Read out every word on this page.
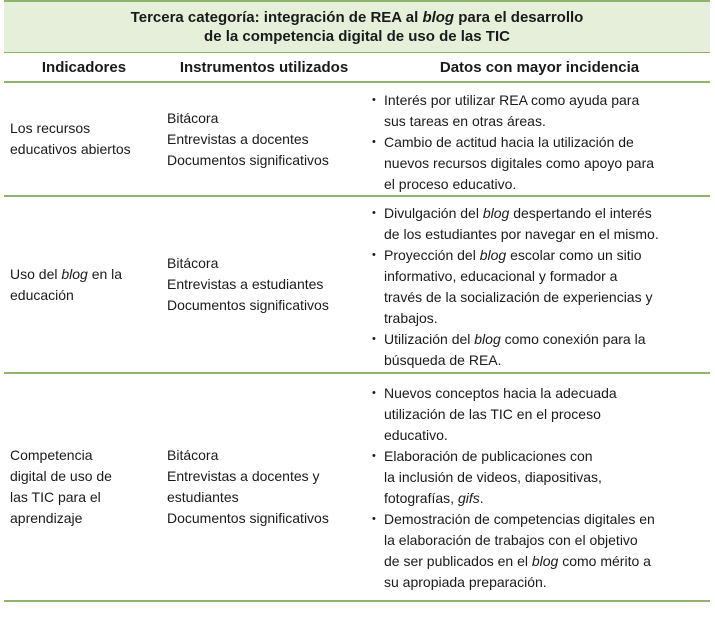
Tercera categoría: integración de REA al blog para el desarrollo
de la competencia digital de uso de las TIC
Indicadores	Instrumentos utilizados	Datos con mayor incidencia
Los recursos
educativos abiertos
Bitácora
Entrevistas a docentes
Documentos significativos
• Interés por utilizar REA como ayuda para
sus tareas en otras áreas.
• Cambio de actitud hacia la utilización de
nuevos recursos digitales como apoyo para
el proceso educativo.
Uso del blog en la
educación
Bitácora
Entrevistas a estudiantes
Documentos significativos
• Divulgación del blog despertando el interés
de los estudiantes por navegar en el mismo.
• Proyección del blog escolar como un sitio
informativo, educacional y formador a
través de la socialización de experiencias y
trabajos.
• Utilización del blog como conexión para la
búsqueda de REA.
Competencia
digital de uso de
las TIC para el
aprendizaje
Bitácora
Entrevistas a docentes y
estudiantes
Documentos significativos
• Nuevos conceptos hacia la adecuada
utilización de las TIC en el proceso
educativo.
• Elaboración de publicaciones con
la inclusión de videos, diapositivas,
fotografías, gifs.
• Demostración de competencias digitales en
la elaboración de trabajos con el objetivo
de ser publicados en el blog como mérito a
su apropiada preparación.
